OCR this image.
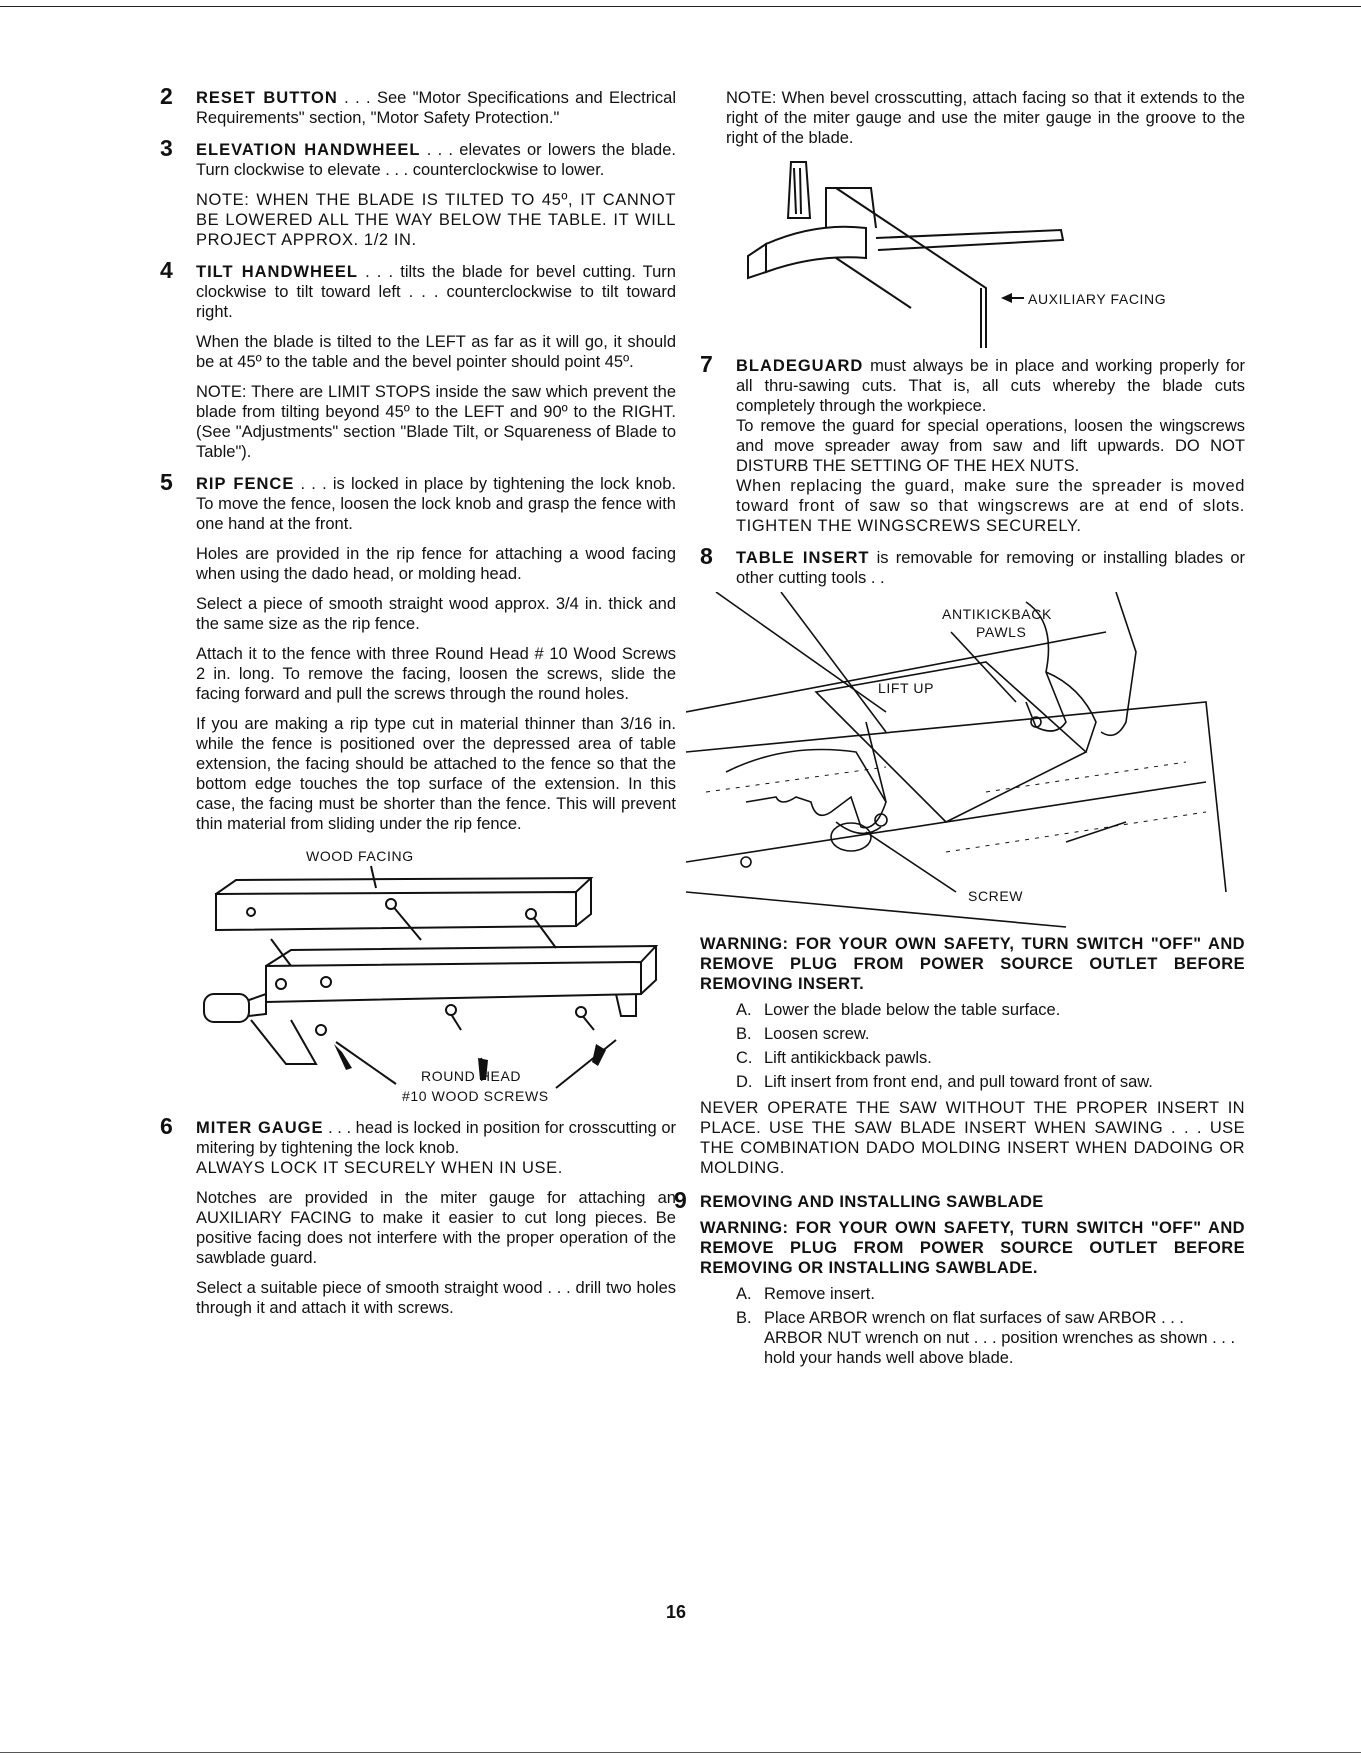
2 RESET BUTTON . . . See "Motor Specifications and Electrical Requirements" section, "Motor Safety Protection."

3 ELEVATION HANDWHEEL . . . elevates or lowers the blade. Turn clockwise to elevate . . . counterclockwise to lower.

NOTE: WHEN THE BLADE IS TILTED TO 45º, IT CANNOT BE LOWERED ALL THE WAY BELOW THE TABLE. IT WILL PROJECT APPROX. 1/2 IN.

4 TILT HANDWHEEL . . . tilts the blade for bevel cutting. Turn clockwise to tilt toward left . . . counterclockwise to tilt toward right.

When the blade is tilted to the LEFT as far as it will go, it should be at 45º to the table and the bevel pointer should point 45º.

NOTE: There are LIMIT STOPS inside the saw which prevent the blade from tilting beyond 45º to the LEFT and 90º to the RIGHT. (See "Adjustments" section "Blade Tilt, or Squareness of Blade to Table").

5 RIP FENCE . . . is locked in place by tightening the lock knob. To move the fence, loosen the lock knob and grasp the fence with one hand at the front.

Holes are provided in the rip fence for attaching a wood facing when using the dado head, or molding head.

Select a piece of smooth straight wood approx. 3/4 in. thick and the same size as the rip fence.

Attach it to the fence with three Round Head # 10 Wood Screws 2 in. long. To remove the facing, loosen the screws, slide the facing forward and pull the screws through the round holes.

If you are making a rip type cut in material thinner than 3/16 in. while the fence is positioned over the depressed area of table extension, the facing should be attached to the fence so that the bottom edge touches the top surface of the extension. In this case, the facing must be shorter than the fence. This will prevent thin material from sliding under the rip fence.

WOOD FACING
ROUND HEAD
#10 WOOD SCREWS
6 MITER GAUGE . . . head is locked in position for crosscutting or mitering by tightening the lock knob.

ALWAYS LOCK IT SECURELY WHEN IN USE.

Notches are provided in the miter gauge for attaching an AUXILIARY FACING to make it easier to cut long pieces. Be positive facing does not interfere with the proper operation of the sawblade guard.

Select a suitable piece of smooth straight wood . . . drill two holes through it and attach it with screws.

NOTE: When bevel crosscutting, attach facing so that it extends to the right of the miter gauge and use the miter gauge in the groove to the right of the blade.

AUXILIARY FACING
7 BLADEGUARD must always be in place and working properly for all thru-sawing cuts. That is, all cuts whereby the blade cuts completely through the workpiece.

To remove the guard for special operations, loosen the wingscrews and move spreader away from saw and lift upwards. DO NOT DISTURB THE SETTING OF THE HEX NUTS.

When replacing the guard, make sure the spreader is moved toward front of saw so that wingscrews are at end of slots. TIGHTEN THE WINGSCREWS SECURELY.

8 TABLE INSERT is removable for removing or installing blades or other cutting tools . .

ANTIKICKBACK
PAWLS
LIFT UP
SCREW

WARNING: FOR YOUR OWN SAFETY, TURN SWITCH "OFF" AND REMOVE PLUG FROM POWER SOURCE OUTLET BEFORE REMOVING INSERT.

A. Lower the blade below the table surface.
B. Loosen screw.
C. Lift antikickback pawls.
D. Lift insert from front end, and pull toward front of saw.

NEVER OPERATE THE SAW WITHOUT THE PROPER INSERT IN PLACE. USE THE SAW BLADE INSERT WHEN SAWING . . . USE THE COMBINATION DADO MOLDING INSERT WHEN DADOING OR MOLDING.

9 REMOVING AND INSTALLING SAWBLADE

WARNING: FOR YOUR OWN SAFETY, TURN SWITCH "OFF" AND REMOVE PLUG FROM POWER SOURCE OUTLET BEFORE REMOVING OR INSTALLING SAWBLADE.

A. Remove insert.
B. Place ARBOR wrench on flat surfaces of saw ARBOR . . . ARBOR NUT wrench on nut . . . position wrenches as shown . . . hold your hands well above blade.
16
